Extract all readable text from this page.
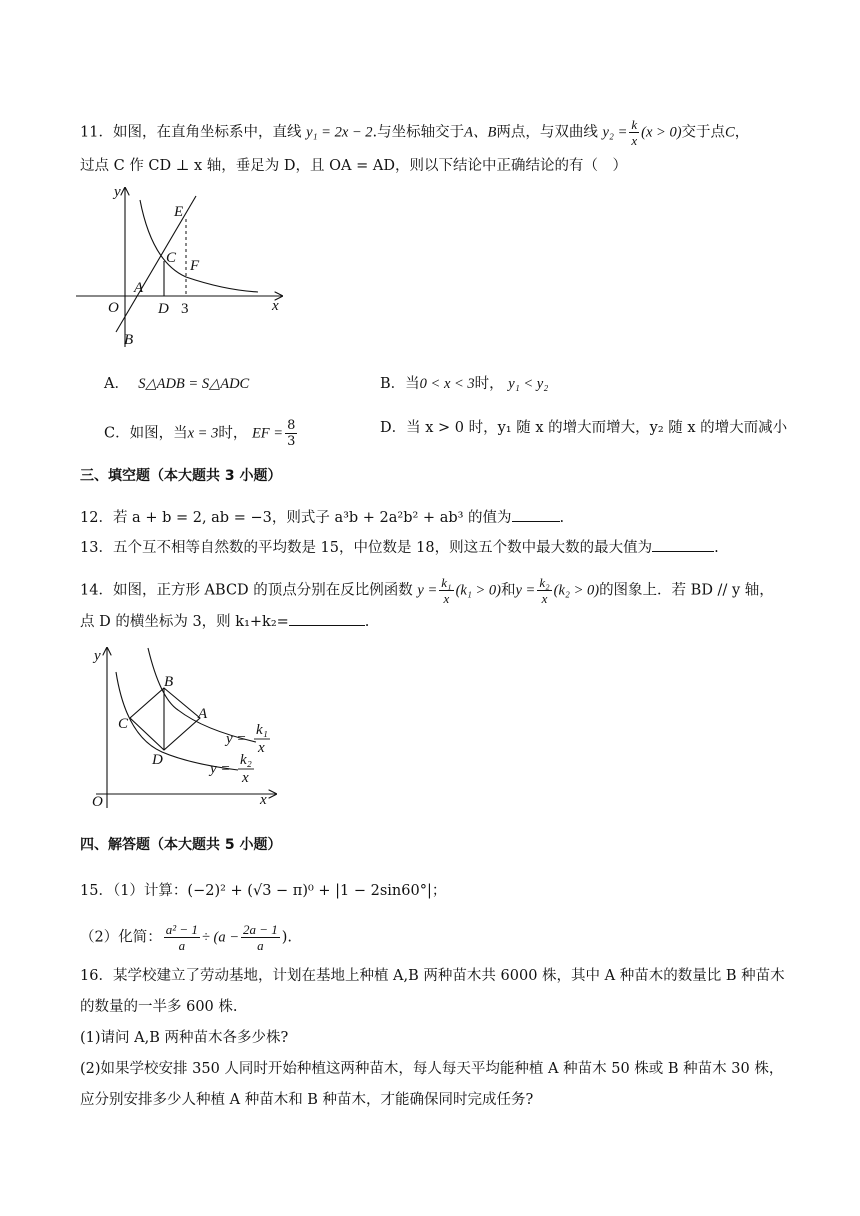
11．如图，在直角坐标系中，直线 y₁ = 2x − 2.与坐标轴交于A、B两点，与双曲线 $y_2 = \frac{k}{x} (x > 0)$交于点C，
过点 C 作 CD ⊥ x 轴，垂足为 D，且 OA = AD，则以下结论中正确结论的有（　）
y
x
O
A
B
C
D
E
F
3
A． S△ADB = S△ADC	B．当0 < x < 3时， y₁ < y₂
C．如图，当x = 3时， EF = $\frac{8}{3}$	D．当 x > 0 时，y₁ 随 x 的增大而增大，y₂ 随 x 的增大而减小
三、填空题（本大题共 3 小题）
12．若 a + b = 2, ab = −3，则式子 a³b + 2a²b² + ab³ 的值为	.
13．五个互不相等自然数的平均数是 15，中位数是 18，则这五个数中最大数的最大值为	.
14．如图，正方形 ABCD 的顶点分别在反比例函数 $y = \frac{\text{k₁}}{x} (k_1 > 0)$和$y = \frac{\text{k₂}}{x} (k_2 > 0)$的图象上．若 BD // y 轴，
点 D 的横坐标为 3，则 k₁+k₂=	.
y
x
O
B
A
C
D
y =
k₁
x
y =
k₂
x
四、解答题（本大题共 5 小题）
15．（1）计算：(−2)² + (√3 − π)⁰ + |1 − 2sin60°|；
（2）化简： $\frac{\text{a² − 1}}{a} \div (a - \frac{2a - 1}{a}$ ).
16．某学校建立了劳动基地，计划在基地上种植 A,B 两种苗木共 6000 株，其中 A 种苗木的数量比 B 种苗木
的数量的一半多 600 株.
(1)请问 A,B 两种苗木各多少株?
(2)如果学校安排 350 人同时开始种植这两种苗木，每人每天平均能种植 A 种苗木 50 株或 B 种苗木 30 株，
应分别安排多少人种植 A 种苗木和 B 种苗木，才能确保同时完成任务?
